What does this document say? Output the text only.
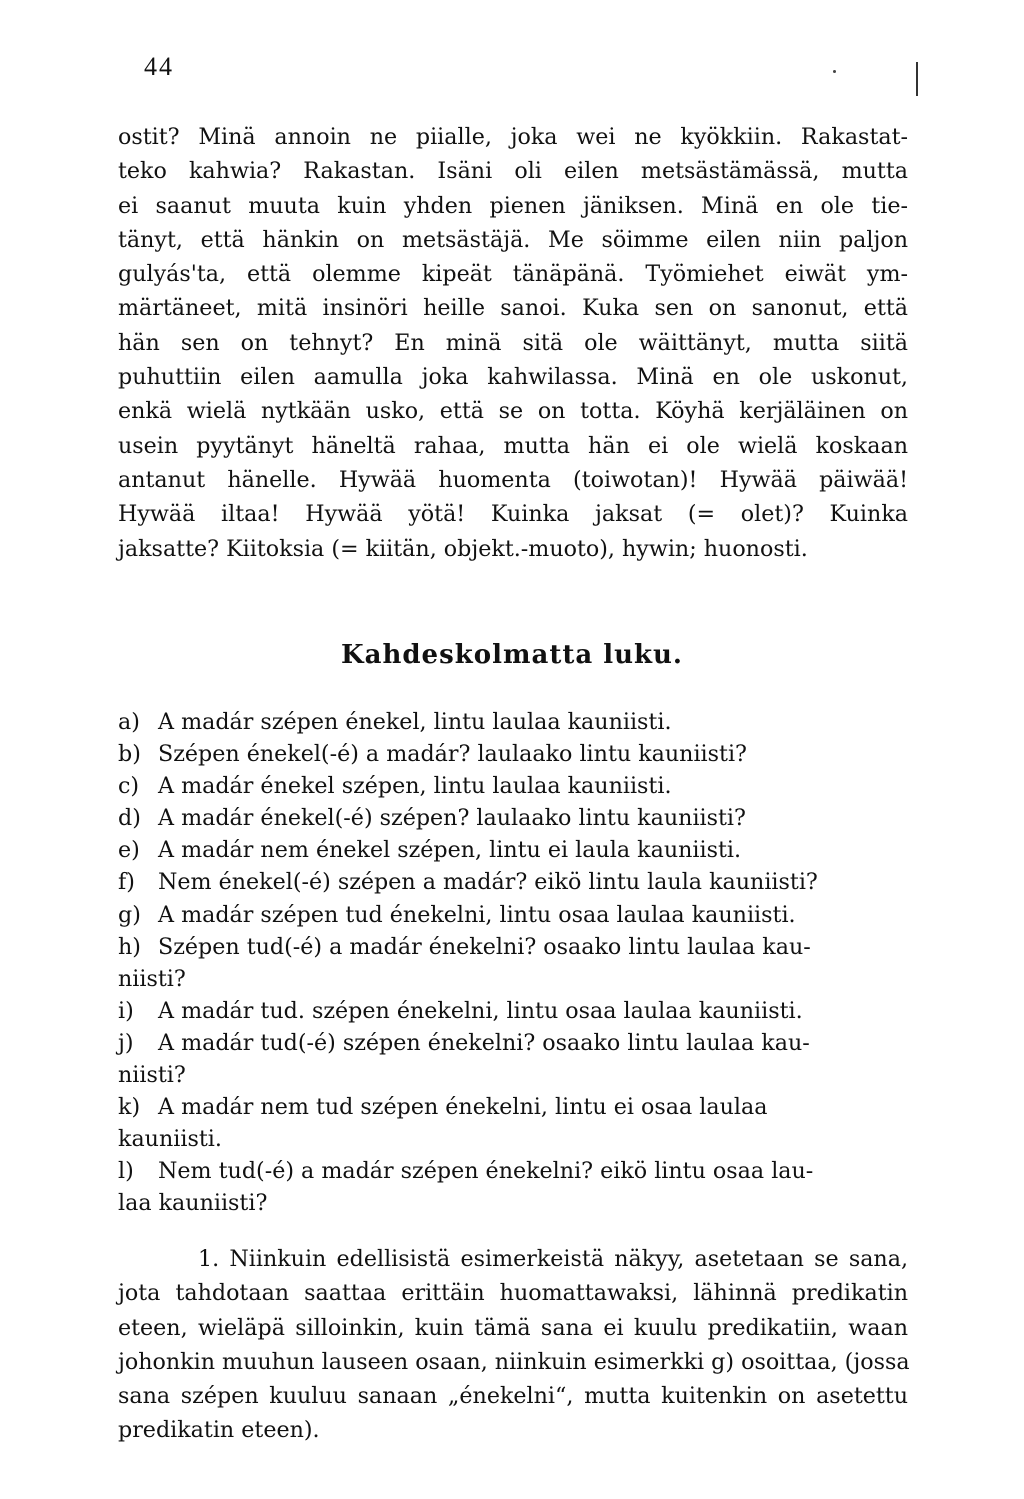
44
ostit? Minä annoin ne piialle, joka wei ne kyökkiin. Rakastat-
teko kahwia? Rakastan. Isäni oli eilen metsästämässä, mutta
ei saanut muuta kuin yhden pienen jäniksen. Minä en ole tie-
tänyt, että hänkin on metsästäjä. Me söimme eilen niin paljon
gulyás'ta, että olemme kipeät tänäpänä. Työmiehet eiwät ym-
märtäneet, mitä insinöri heille sanoi. Kuka sen on sanonut, että
hän sen on tehnyt? En minä sitä ole wäittänyt, mutta siitä
puhuttiin eilen aamulla joka kahwilassa. Minä en ole uskonut,
enkä wielä nytkään usko, että se on totta. Köyhä kerjäläinen on
usein pyytänyt häneltä rahaa, mutta hän ei ole wielä koskaan
antanut hänelle. Hywää huomenta (toiwotan)! Hywää päiwää!
Hywää iltaa! Hywää yötä! Kuinka jaksat (= olet)? Kuinka
jaksatte? Kiitoksia (= kiitän, objekt.-muoto), hywin; huonosti.
Kahdeskolmatta luku.
a) A madár szépen énekel, lintu laulaa kauniisti.
b) Szépen énekel(-é) a madár? laulaako lintu kauniisti?
c) A madár énekel szépen, lintu laulaa kauniisti.
d) A madár énekel(-é) szépen? laulaako lintu kauniisti?
e) A madár nem énekel szépen, lintu ei laula kauniisti.
f)	Nem énekel(-é) szépen a madár? eikö lintu laula kauniisti?
g) A madár szépen tud énekelni, lintu osaa laulaa kauniisti.
h) Szépen tud(-é) a madár énekelni? osaako lintu laulaa kau-
niisti?
i)	A madár tud. szépen énekelni, lintu osaa laulaa kauniisti.
j)	A madár tud(-é) szépen énekelni? osaako lintu laulaa kau-
niisti?
k) A madár nem tud szépen énekelni, lintu ei osaa laulaa
kauniisti.
l)	Nem tud(-é) a madár szépen énekelni? eikö lintu osaa lau-
laa kauniisti?
1. Niinkuin edellisistä esimerkeistä näkyy, asetetaan se sana,
jota tahdotaan saattaa erittäin huomattawaksi, lähinnä predikatin
eteen, wieläpä silloinkin, kuin tämä sana ei kuulu predikatiin, waan
johonkin muuhun lauseen osaan, niinkuin esimerkki g) osoittaa, (jossa
sana szépen kuuluu sanaan „énekelni“, mutta kuitenkin on asetettu
predikatin eteen).
